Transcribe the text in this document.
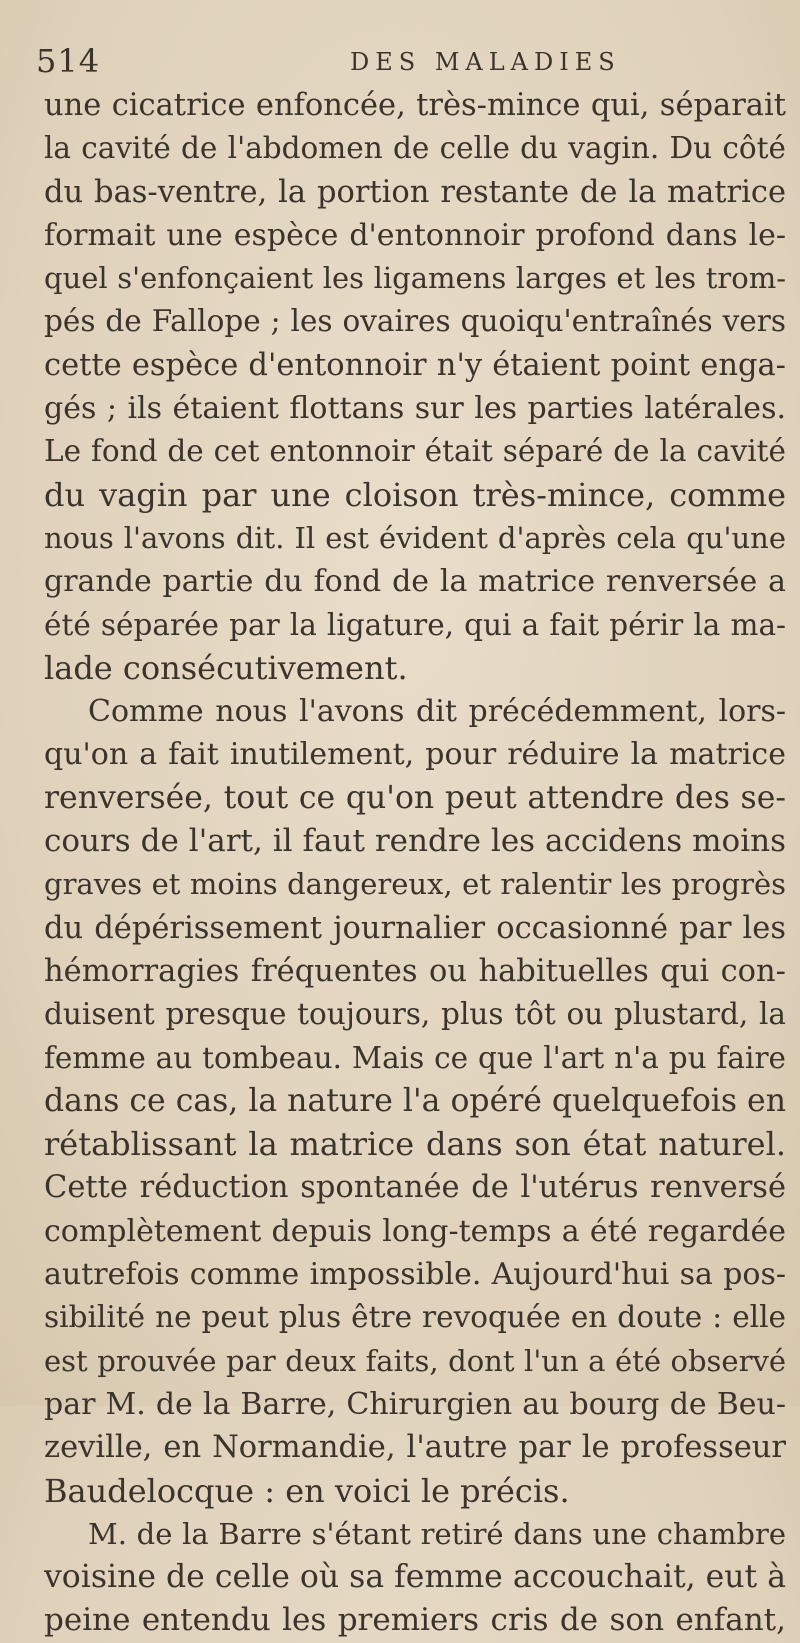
514	DES MALADIES
une cicatrice enfoncée, très-mince qui, séparait
la cavité de l'abdomen de celle du vagin. Du côté
du bas-ventre, la portion restante de la matrice
formait une espèce d'entonnoir profond dans le-
quel s'enfonçaient les ligamens larges et les trom-
pés de Fallope ; les ovaires quoiqu'entraînés vers
cette espèce d'entonnoir n'y étaient point enga-
gés ; ils étaient flottans sur les parties latérales.
Le fond de cet entonnoir était séparé de la cavité
du vagin par une cloison très-mince, comme
nous l'avons dit. Il est évident d'après cela qu'une
grande partie du fond de la matrice renversée a
été séparée par la ligature, qui a fait périr la ma-
lade consécutivement.
Comme nous l'avons dit précédemment, lors-
qu'on a fait inutilement, pour réduire la matrice
renversée, tout ce qu'on peut attendre des se-
cours de l'art, il faut rendre les accidens moins
graves et moins dangereux, et ralentir les progrès
du dépérissement journalier occasionné par les
hémorragies fréquentes ou habituelles qui con-
duisent presque toujours, plus tôt ou plustard, la
femme au tombeau. Mais ce que l'art n'a pu faire
dans ce cas, la nature l'a opéré quelquefois en
rétablissant la matrice dans son état naturel.
Cette réduction spontanée de l'utérus renversé
complètement depuis long-temps a été regardée
autrefois comme impossible. Aujourd'hui sa pos-
sibilité ne peut plus être revoquée en doute : elle
est prouvée par deux faits, dont l'un a été observé
par M. de la Barre, Chirurgien au bourg de Beu-
zeville, en Normandie, l'autre par le professeur
Baudelocque : en voici le précis.
M. de la Barre s'étant retiré dans une chambre
voisine de celle où sa femme accouchait, eut à
peine entendu les premiers cris de son enfant,
